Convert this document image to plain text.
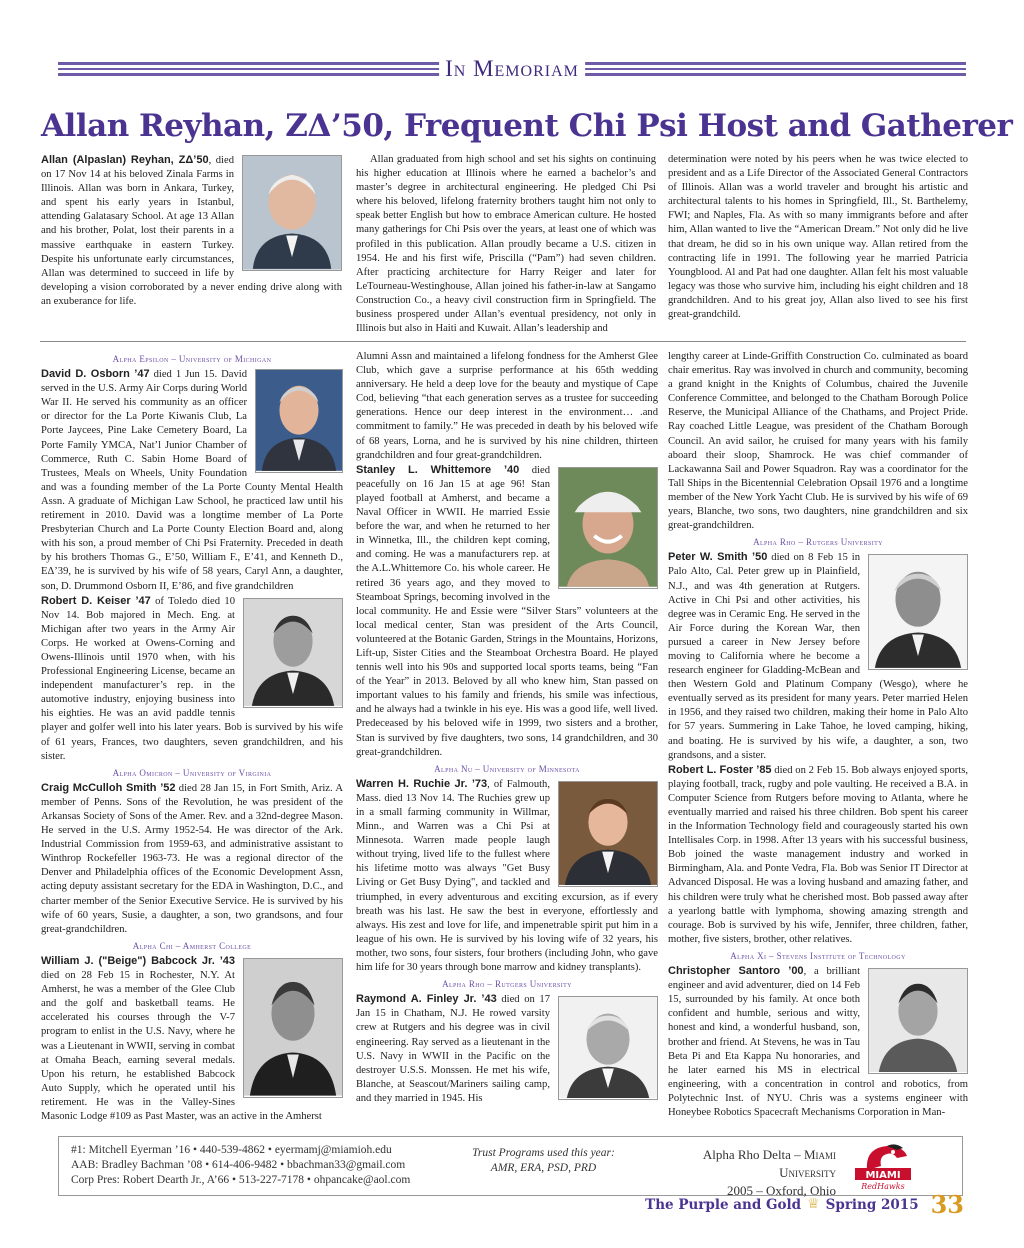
In Memoriam
Allan Reyhan, ZΔ’50, Frequent Chi Psi Host and Gatherer

Allan (Alpaslan) Reyhan, ZΔ’50, died on 17 Nov 14 at his beloved Zinala Farms in Illinois. Allan was born in Ankara, Turkey, and spent his early years in Istanbul, attending Galatasary School. At age 13 Allan and his brother, Polat, lost their parents in a massive earthquake in eastern Turkey. Despite his unfortunate early circumstances, Allan was determined to succeed in life by developing a vision corroborated by a never ending drive along with an exuberance for life.

Allan graduated from high school and set his sights on continuing his higher education at Illinois where he earned a bachelor’s and master’s degree in architectural engineering. He pledged Chi Psi where his beloved, lifelong fraternity brothers taught him not only to speak better English but how to embrace American culture. He hosted many gatherings for Chi Psis over the years, at least one of which was profiled in this publication. Allan proudly became a U.S. citizen in 1954. He and his first wife, Priscilla (“Pam”) had seven children. After practicing architecture for Harry Reiger and later for LeTourneau-Westinghouse, Allan joined his father-in-law at Sangamo Construction Co., a heavy civil construction firm in Springfield. The business prospered under Allan’s eventual presidency, not only in Illinois but also in Haiti and Kuwait. Allan’s leadership and

determination were noted by his peers when he was twice elected to president and as a Life Director of the Associated General Contractors of Illinois. Allan was a world traveler and brought his artistic and architectural talents to his homes in Springfield, Ill., St. Barthelemy, FWI; and Naples, Fla. As with so many immigrants before and after him, Allan wanted to live the “American Dream.” Not only did he live that dream, he did so in his own unique way. Allan retired from the contracting life in 1991. The following year he married Patricia Youngblood. Al and Pat had one daughter. Allan felt his most valuable legacy was those who survive him, including his eight children and 18 grandchildren. And to his great joy, Allan also lived to see his first great-grandchild.

Alpha Epsilon – University of Michigan

David D. Osborn ’47 died 1 Jun 15. David served in the U.S. Army Air Corps during World War II. He served his community as an officer or director for the La Porte Kiwanis Club, La Porte Jaycees, Pine Lake Cemetery Board, La Porte Family YMCA, Nat’l Junior Chamber of Commerce, Ruth C. Sabin Home Board of Trustees, Meals on Wheels, Unity Foundation and was a founding member of the La Porte County Mental Health Assn. A graduate of Michigan Law School, he practiced law until his retirement in 2010. David was a longtime member of La Porte Presbyterian Church and La Porte County Election Board and, along with his son, a proud member of Chi Psi Fraternity. Preceded in death by his brothers Thomas G., E’50, William F., E’41, and Kenneth D., EΔ’39, he is survived by his wife of 58 years, Caryl Ann, a daughter, son, D. Drummond Osborn II, E’86, and five grandchildren

Robert D. Keiser ’47 of Toledo died 10 Nov 14. Bob majored in Mech. Eng. at Michigan after two years in the Army Air Corps. He worked at Owens-Corning and Owens-Illinois until 1970 when, with his Professional Engineering License, became an independent manufacturer’s rep. in the automotive industry, enjoying business into his eighties. He was an avid paddle tennis player and golfer well into his later years. Bob is survived by his wife of 61 years, Frances, two daughters, seven grandchildren, and his sister.

Alpha Omicron – University of Virginia

Craig McCulloh Smith ’52 died 28 Jan 15, in Fort Smith, Ariz. A member of Penns. Sons of the Revolution, he was president of the Arkansas Society of Sons of the Amer. Rev. and a 32nd-degree Mason. He served in the U.S. Army 1952-54. He was director of the Ark. Industrial Commission from 1959-63, and administrative assistant to Winthrop Rockefeller 1963-73. He was a regional director of the Denver and Philadelphia offices of the Economic Development Assn, acting deputy assistant secretary for the EDA in Washington, D.C., and charter member of the Senior Executive Service. He is survived by his wife of 60 years, Susie, a daughter, a son, two grandsons, and four great-grandchildren.

Alpha Chi – Amherst College

William J. ("Beige") Babcock Jr. ’43 died on 28 Feb 15 in Rochester, N.Y. At Amherst, he was a member of the Glee Club and the golf and basketball teams. He accelerated his courses through the V-7 program to enlist in the U.S. Navy, where he was a Lieutenant in WWII, serving in combat at Omaha Beach, earning several medals. Upon his return, he established Babcock Auto Supply, which he operated until his retirement. He was in the Valley-Sines Masonic Lodge #109 as Past Master, was an active in the Amherst

Alumni Assn and maintained a lifelong fondness for the Amherst Glee Club, which gave a surprise performance at his 65th wedding anniversary. He held a deep love for the beauty and mystique of Cape Cod, believing “that each generation serves as a trustee for succeeding generations. Hence our deep interest in the environment… .and commitment to family.” He was preceded in death by his beloved wife of 68 years, Lorna, and he is survived by his nine children, thirteen grandchildren and four great-grandchildren.

Stanley L. Whittemore ’40 died peacefully on 16 Jan 15 at age 96! Stan played football at Amherst, and became a Naval Officer in WWII. He married Essie before the war, and when he returned to her in Winnetka, Ill., the children kept coming, and coming. He was a manufacturers rep. at the A.L.Whittemore Co. his whole career. He retired 36 years ago, and they moved to Steamboat Springs, becoming involved in the local community. He and Essie were “Silver Stars” volunteers at the local medical center, Stan was president of the Arts Council, volunteered at the Botanic Garden, Strings in the Mountains, Horizons, Lift-up, Sister Cities and the Steamboat Orchestra Board. He played tennis well into his 90s and supported local sports teams, being “Fan of the Year” in 2013. Beloved by all who knew him, Stan passed on important values to his family and friends, his smile was infectious, and he always had a twinkle in his eye. His was a good life, well lived. Predeceased by his beloved wife in 1999, two sisters and a brother, Stan is survived by five daughters, two sons, 14 grandchildren, and 30 great-grandchildren.

Alpha Nu – University of Minnesota

Warren H. Ruchie Jr. ’73, of Falmouth, Mass. died 13 Nov 14. The Ruchies grew up in a small farming community in Willmar, Minn., and Warren was a Chi Psi at Minnesota. Warren made people laugh without trying, lived life to the fullest where his lifetime motto was always "Get Busy Living or Get Busy Dying", and tackled and triumphed, in every adventurous and exciting excursion, as if every breath was his last. He saw the best in everyone, effortlessly and always. His zest and love for life, and impenetrable spirit put him in a league of his own. He is survived by his loving wife of 32 years, his mother, two sons, four sisters, four brothers (including John, who gave him life for 30 years through bone marrow and kidney transplants).

Alpha Rho – Rutgers University

Raymond A. Finley Jr. ’43 died on 17 Jan 15 in Chatham, N.J. He rowed varsity crew at Rutgers and his degree was in civil engineering. Ray served as a lieutenant in the U.S. Navy in WWII in the Pacific on the destroyer U.S.S. Monssen. He met his wife, Blanche, at Seascout/Mariners sailing camp, and they married in 1945. His

lengthy career at Linde-Griffith Construction Co. culminated as board chair emeritus. Ray was involved in church and community, becoming a grand knight in the Knights of Columbus, chaired the Juvenile Conference Committee, and belonged to the Chatham Borough Police Reserve, the Municipal Alliance of the Chathams, and Project Pride. Ray coached Little League, was president of the Chatham Borough Council. An avid sailor, he cruised for many years with his family aboard their sloop, Shamrock. He was chief commander of Lackawanna Sail and Power Squadron. Ray was a coordinator for the Tall Ships in the Bicentennial Celebration Opsail 1976 and a longtime member of the New York Yacht Club. He is survived by his wife of 69 years, Blanche, two sons, two daughters, nine grandchildren and six great-grandchildren.

Alpha Rho – Rutgers University

Peter W. Smith ’50 died on 8 Feb 15 in Palo Alto, Cal. Peter grew up in Plainfield, N.J., and was 4th generation at Rutgers. Active in Chi Psi and other activities, his degree was in Ceramic Eng. He served in the Air Force during the Korean War, then pursued a career in New Jersey before moving to California where he become a research engineer for Gladding-McBean and then Western Gold and Platinum Company (Wesgo), where he eventually served as its president for many years. Peter married Helen in 1956, and they raised two children, making their home in Palo Alto for 57 years. Summering in Lake Tahoe, he loved camping, hiking, and boating. He is survived by his wife, a daughter, a son, two grandsons, and a sister.

Robert L. Foster ’85 died on 2 Feb 15. Bob always enjoyed sports, playing football, track, rugby and pole vaulting. He received a B.A. in Computer Science from Rutgers before moving to Atlanta, where he eventually married and raised his three children. Bob spent his career in the Information Technology field and courageously started his own Intellisales Corp. in 1998. After 13 years with his successful business, Bob joined the waste management industry and worked in Birmingham, Ala. and Ponte Vedra, Fla. Bob was Senior IT Director at Advanced Disposal. He was a loving husband and amazing father, and his children were truly what he cherished most. Bob passed away after a yearlong battle with lymphoma, showing amazing strength and courage. Bob is survived by his wife, Jennifer, three children, father, mother, five sisters, brother, other relatives.

Alpha Xi – Stevens Institute of Technology

Christopher Santoro ’00, a brilliant engineer and avid adventurer, died on 14 Feb 15, surrounded by his family. At once both confident and humble, serious and witty, honest and kind, a wonderful husband, son, brother and friend. At Stevens, he was in Tau Beta Pi and Eta Kappa Nu honoraries, and he later earned his MS in electrical engineering, with a concentration in control and robotics, from Polytechnic Inst. of NYU. Chris was a systems engineer with Honeybee Robotics Spacecraft Mechanisms Corporation in Man-

#1: Mitchell Eyerman ’16 • 440-539-4862 • eyermamj@miamioh.edu
AAB: Bradley Bachman ’08 • 614-406-9482 • bbachman33@gmail.com
Corp Pres: Robert Dearth Jr., A’66 • 513-227-7178 • ohpancake@aol.com
Trust Programs used this year:
AMR, ERA, PSD, PRD
Alpha Rho Delta – Miami University
2005 – Oxford, Ohio
MIAMI
RedHawks
The Purple and Gold ♕ Spring 2015 33
